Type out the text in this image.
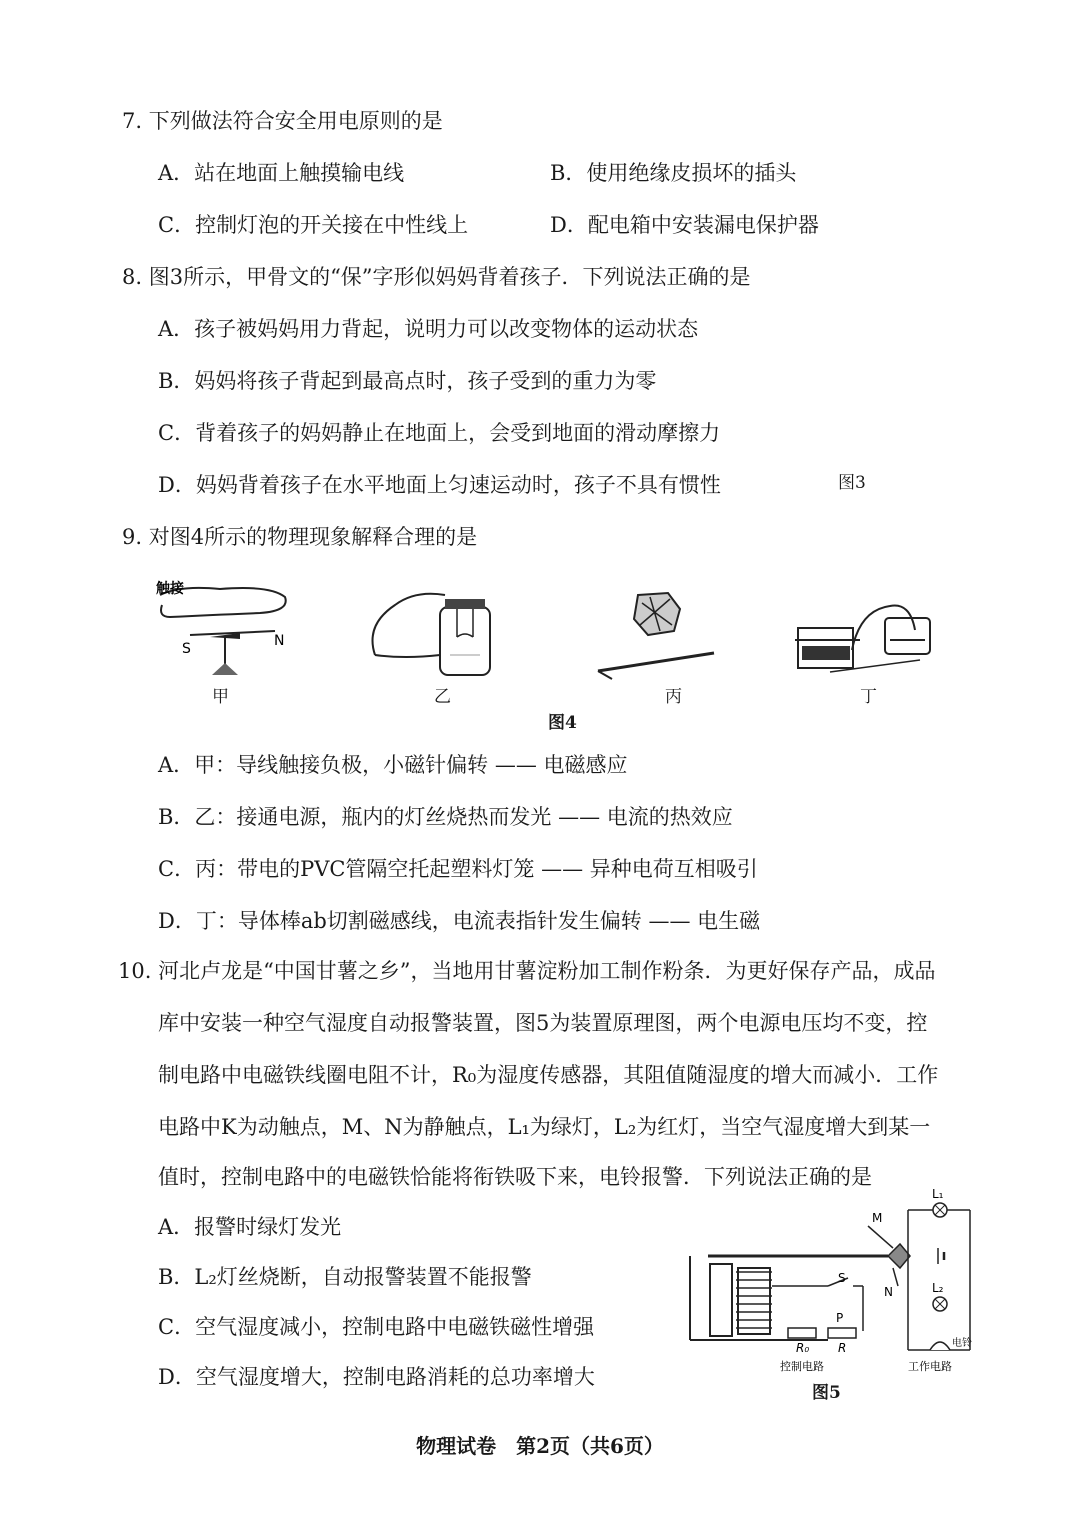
7. 下列做法符合安全用电原则的是
A．站在地面上触摸输电线	B．使用绝缘皮损坏的插头
C．控制灯泡的开关接在中性线上	D．配电箱中安装漏电保护器
8. 图3所示，甲骨文的“保”字形似妈妈背着孩子．下列说法正确的是
A．孩子被妈妈用力背起，说明力可以改变物体的运动状态
B．妈妈将孩子背起到最高点时，孩子受到的重力为零
C．背着孩子的妈妈静止在地面上，会受到地面的滑动摩擦力
D．妈妈背着孩子在水平地面上匀速运动时，孩子不具有惯性	图3
9. 对图4所示的物理现象解释合理的是
触接
S	N
甲	乙	丙	丁
图4
A．甲：导线触接负极，小磁针偏转 —— 电磁感应
B．乙：接通电源，瓶内的灯丝烧热而发光 —— 电流的热效应
C．丙：带电的PVC管隔空托起塑料灯笼 —— 异种电荷互相吸引
D．丁：导体棒ab切割磁感线，电流表指针发生偏转 —— 电生磁
10. 河北卢龙是“中国甘薯之乡”，当地用甘薯淀粉加工制作粉条．为更好保存产品，成品
库中安装一种空气湿度自动报警装置，图5为装置原理图，两个电源电压均不变，控
制电路中电磁铁线圈电阻不计，R₀为湿度传感器，其阻值随湿度的增大而减小．工作
电路中K为动触点，M、N为静触点，L₁为绿灯，L₂为红灯，当空气湿度增大到某一
值时，控制电路中的电磁铁恰能将衔铁吸下来，电铃报警．下列说法正确的是
A．报警时绿灯发光
B．L₂灯丝烧断，自动报警装置不能报警
C．空气湿度减小，控制电路中电磁铁磁性增强
D．空气湿度增大，控制电路消耗的总功率增大
L₁
L₂
M
N
S
P
R₀ R	电铃
控制电路	工作电路
图5
物理试卷　第2页（共6页）
